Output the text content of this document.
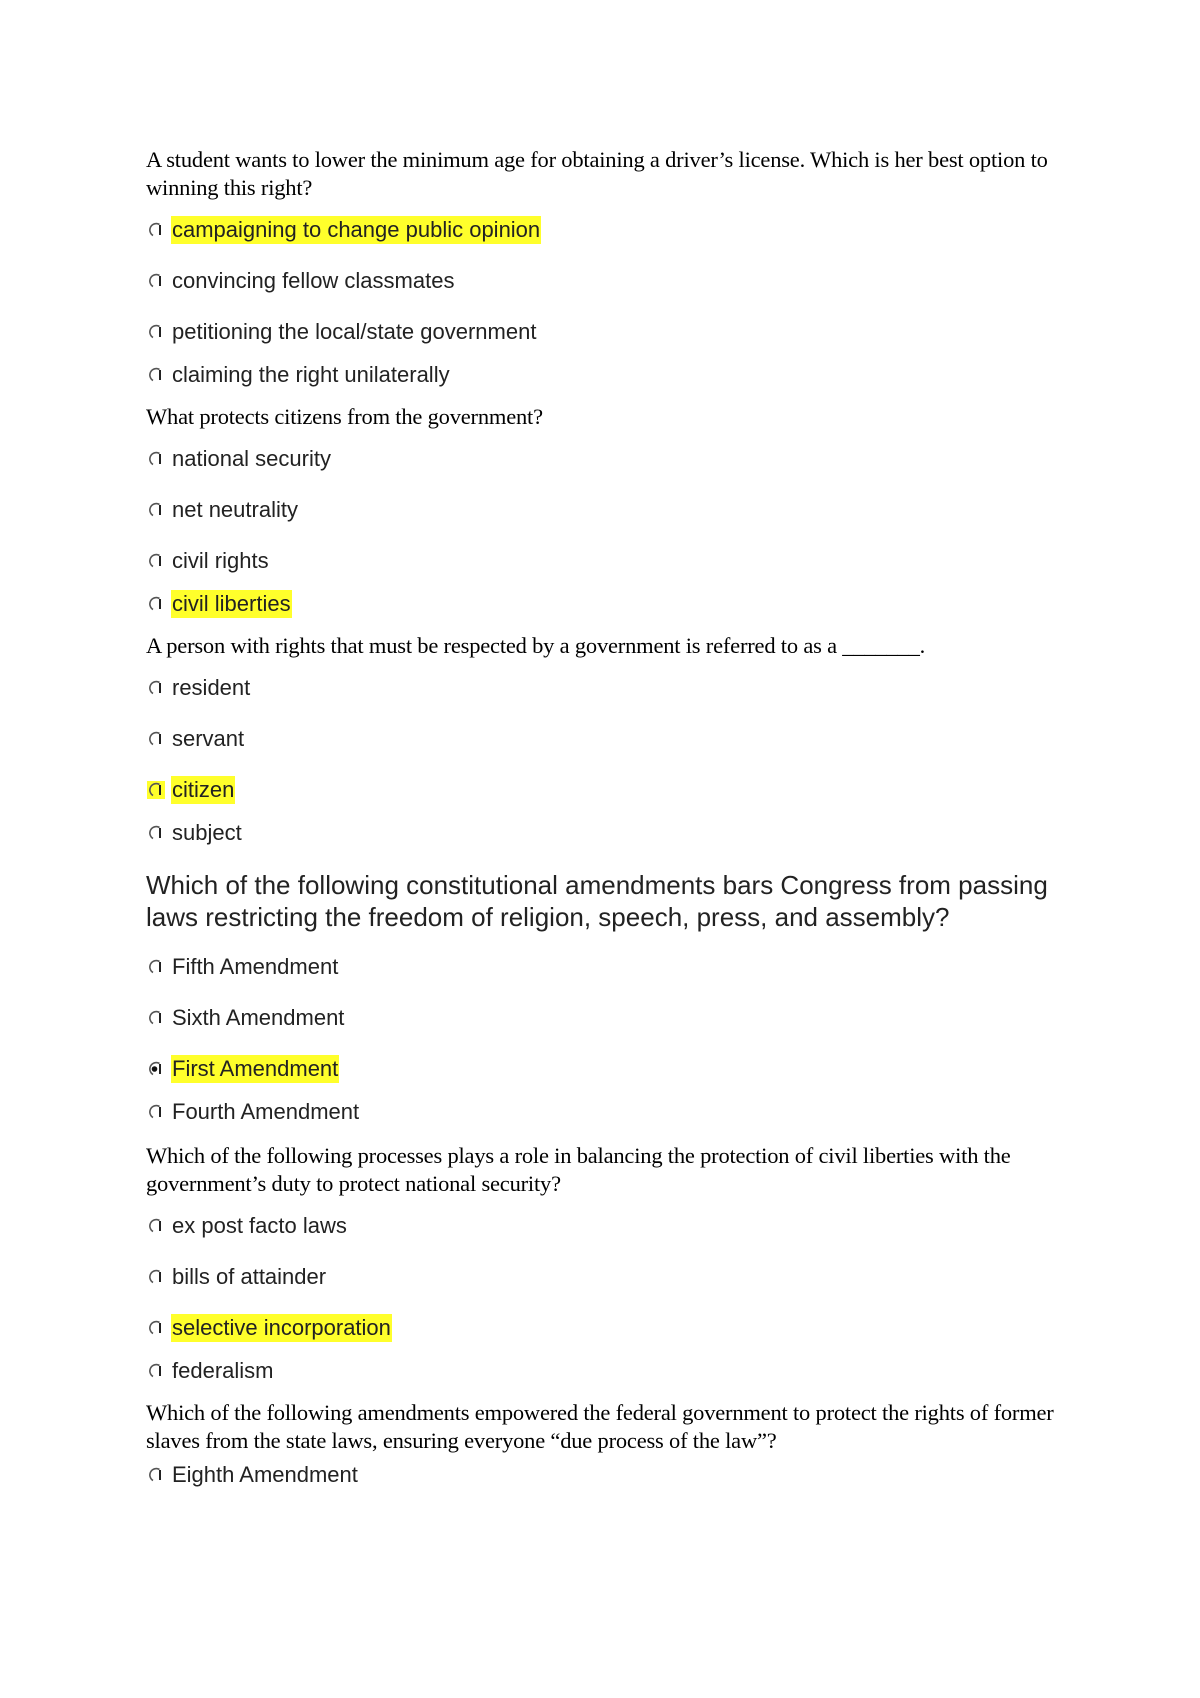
A student wants to lower the minimum age for obtaining a driver’s license. Which is her best option to winning this right?

campaigning to change public opinion
convincing fellow classmates
petitioning the local/state government
claiming the right unilaterally

What protects citizens from the government?

national security
net neutrality
civil rights
civil liberties

A person with rights that must be respected by a government is referred to as a _______.

resident
servant
citizen
subject

Which of the following constitutional amendments bars Congress from passing laws restricting the freedom of religion, speech, press, and assembly?

Fifth Amendment
Sixth Amendment
First Amendment
Fourth Amendment

Which of the following processes plays a role in balancing the protection of civil liberties with the government’s duty to protect national security?

ex post facto laws
bills of attainder
selective incorporation
federalism

Which of the following amendments empowered the federal government to protect the rights of former slaves from the state laws, ensuring everyone “due process of the law”?

Eighth Amendment
